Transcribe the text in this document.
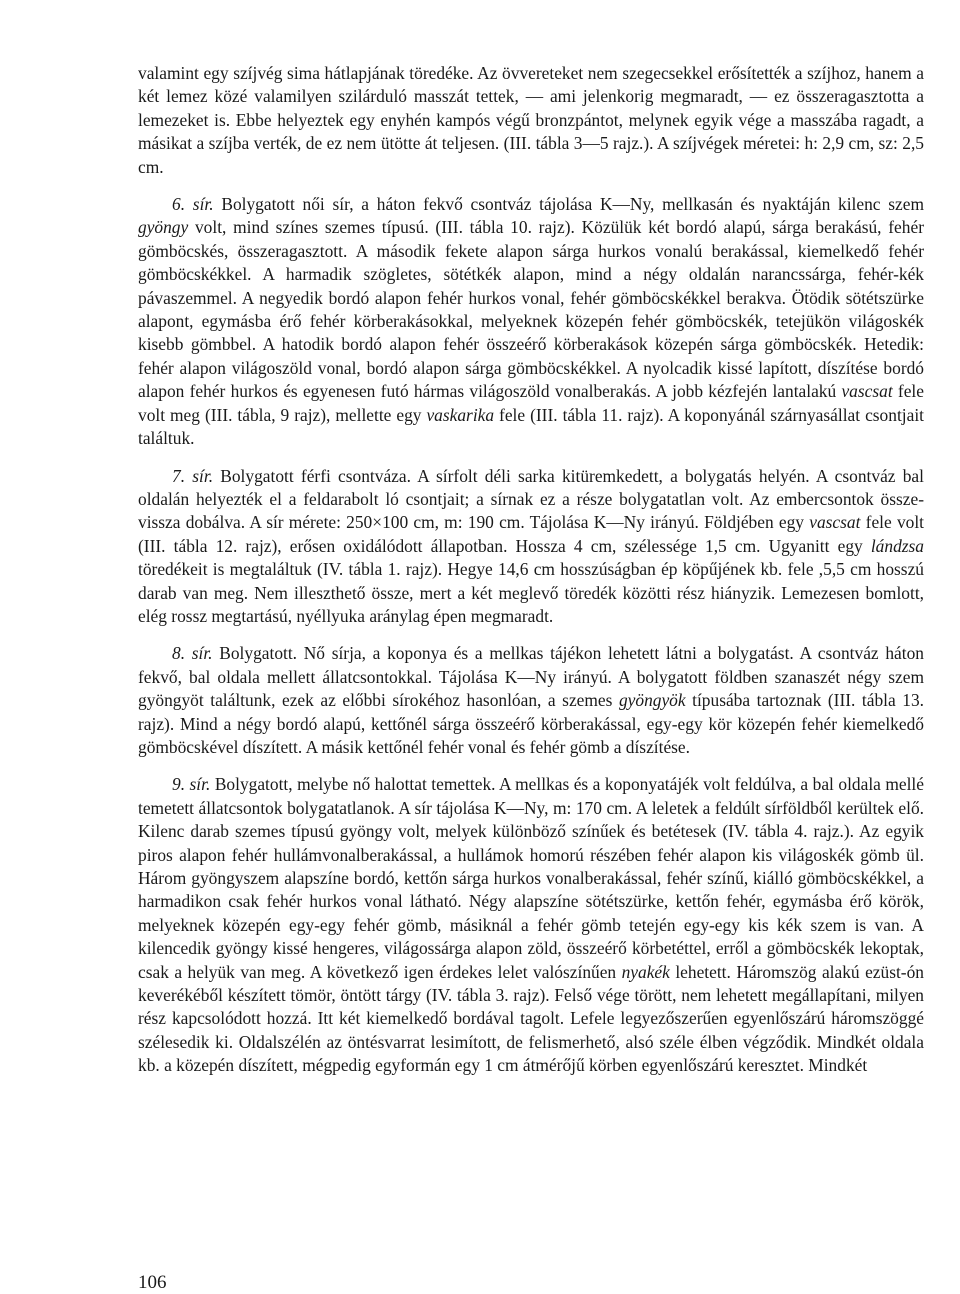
valamint egy szíjvég sima hátlapjának töredéke. Az övvereteket nem szegecsekkel erősítették a szíjhoz, hanem a két lemez közé valamilyen szilárduló masszát tettek, — ami jelenkorig megmaradt, — ez összeragasztotta a lemezeket is. Ebbe helyeztek egy enyhén kampós végű bronzpántot, melynek egyik vége a masszába ragadt, a másikat a szíjba verték, de ez nem ütötte át teljesen. (III. tábla 3—5 rajz.). A szíjvégek méretei: h: 2,9 cm, sz: 2,5 cm.

6. sír. Bolygatott női sír, a háton fekvő csontváz tájolása K—Ny, mellkasán és nyaktáján kilenc szem gyöngy volt, mind színes szemes típusú. (III. tábla 10. rajz). Közülük két bordó alapú, sárga berakású, fehér gömböcskés, összeragasztott. A második fekete alapon sárga hurkos vonalú berakással, kiemelkedő fehér gömböcskékkel. A harmadik szögletes, sötétkék alapon, mind a négy oldalán narancssárga, fehér-kék pávaszemmel. A negyedik bordó alapon fehér hurkos vonal, fehér gömböcskékkel berakva. Ötödik sötétszürke alapont, egymásba érő fehér körberakásokkal, melyeknek közepén fehér gömböcskék, tetejükön világoskék kisebb gömbbel. A hatodik bordó alapon fehér összeérő körberakások közepén sárga gömböcskék. Hetedik: fehér alapon világoszöld vonal, bordó alapon sárga gömböcskékkel. A nyolcadik kissé lapított, díszítése bordó alapon fehér hurkos és egyenesen futó hármas világoszöld vonalberakás. A jobb kézfején lantalakú vascsat fele volt meg (III. tábla, 9 rajz), mellette egy vaskarika fele (III. tábla 11. rajz). A koponyánál szárnyasállat csontjait találtuk.

7. sír. Bolygatott férfi csontváza. A sírfolt déli sarka kitüremkedett, a bolygatás helyén. A csontváz bal oldalán helyezték el a feldarabolt ló csontjait; a sírnak ez a része bolygatatlan volt. Az embercsontok össze-vissza dobálva. A sír mérete: 250×100 cm, m: 190 cm. Tájolása K—Ny irányú. Földjében egy vascsat fele volt (III. tábla 12. rajz), erősen oxidálódott állapotban. Hossza 4 cm, szélessége 1,5 cm. Ugyanitt egy lándzsa töredékeit is megtaláltuk (IV. tábla 1. rajz). Hegye 14,6 cm hosszúságban ép köpűjének kb. fele ,5,5 cm hosszú darab van meg. Nem illeszthető össze, mert a két meglevő töredék közötti rész hiányzik. Lemezesen bomlott, elég rossz megtartású, nyéllyuka aránylag épen megmaradt.

8. sír. Bolygatott. Nő sírja, a koponya és a mellkas tájékon lehetett látni a bolygatást. A csontváz háton fekvő, bal oldala mellett állatcsontokkal. Tájolása K—Ny irányú. A bolygatott földben szanaszét négy szem gyöngyöt találtunk, ezek az előbbi sírokéhoz hasonlóan, a szemes gyöngyök típusába tartoznak (III. tábla 13. rajz). Mind a négy bordó alapú, kettőnél sárga összeérő körberakással, egy-egy kör közepén fehér kiemelkedő gömböcskével díszített. A másik kettőnél fehér vonal és fehér gömb a díszítése.

9. sír. Bolygatott, melybe nő halottat temettek. A mellkas és a koponyatájék volt feldúlva, a bal oldala mellé temetett állatcsontok bolygatatlanok. A sír tájolása K—Ny, m: 170 cm. A leletek a feldúlt sírföldből kerültek elő. Kilenc darab szemes típusú gyöngy volt, melyek különböző színűek és betétesek (IV. tábla 4. rajz.). Az egyik piros alapon fehér hullámvonalberakással, a hullámok homorú részében fehér alapon kis világoskék gömb ül. Három gyöngyszem alapszíne bordó, kettőn sárga hurkos vonalberakással, fehér színű, kiálló gömböcskékkel, a harmadikon csak fehér hurkos vonal látható. Négy alapszíne sötétszürke, kettőn fehér, egymásba érő körök, melyeknek közepén egy-egy fehér gömb, másiknál a fehér gömb tetején egy-egy kis kék szem is van. A kilencedik gyöngy kissé hengeres, világossárga alapon zöld, összeérő körbetéttel, erről a gömböcskék lekoptak, csak a helyük van meg. A következő igen érdekes lelet valószínűen nyakék lehetett. Háromszög alakú ezüst-ón keverékéből készített tömör, öntött tárgy (IV. tábla 3. rajz). Felső vége törött, nem lehetett megállapítani, milyen rész kapcsolódott hozzá. Itt két kiemelkedő bordával tagolt. Lefele legyezőszerűen egyenlőszárú háromszöggé szélesedik ki. Oldalszélén az öntésvarrat lesimított, de felismerhető, alsó széle élben végződik. Mindkét oldala kb. a közepén díszített, mégpedig egyformán egy 1 cm átmérőjű körben egyenlőszárú keresztet. Mindkét

106
